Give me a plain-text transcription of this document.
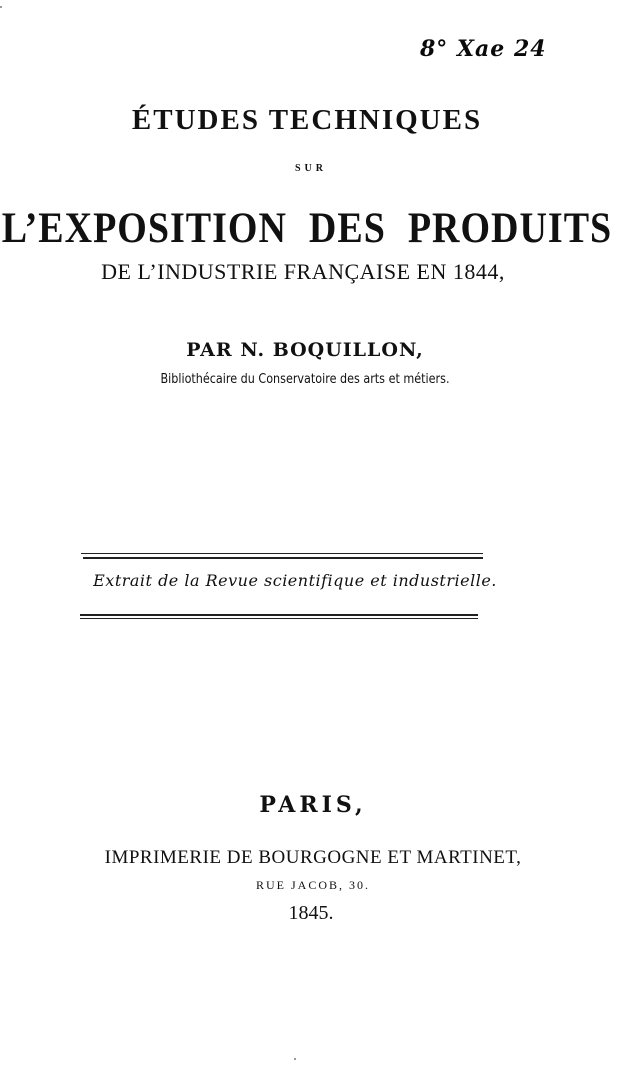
8° Xae 24
ÉTUDES TECHNIQUES
SUR
L’EXPOSITION DES PRODUITS
DE L’INDUSTRIE FRANÇAISE EN 1844,
PAR N. BOQUILLON,
Bibliothécaire du Conservatoire des arts et métiers.
Extrait de la Revue scientifique et industrielle.
PARIS,
IMPRIMERIE DE BOURGOGNE ET MARTINET,
RUE JACOB, 30.
1845.
